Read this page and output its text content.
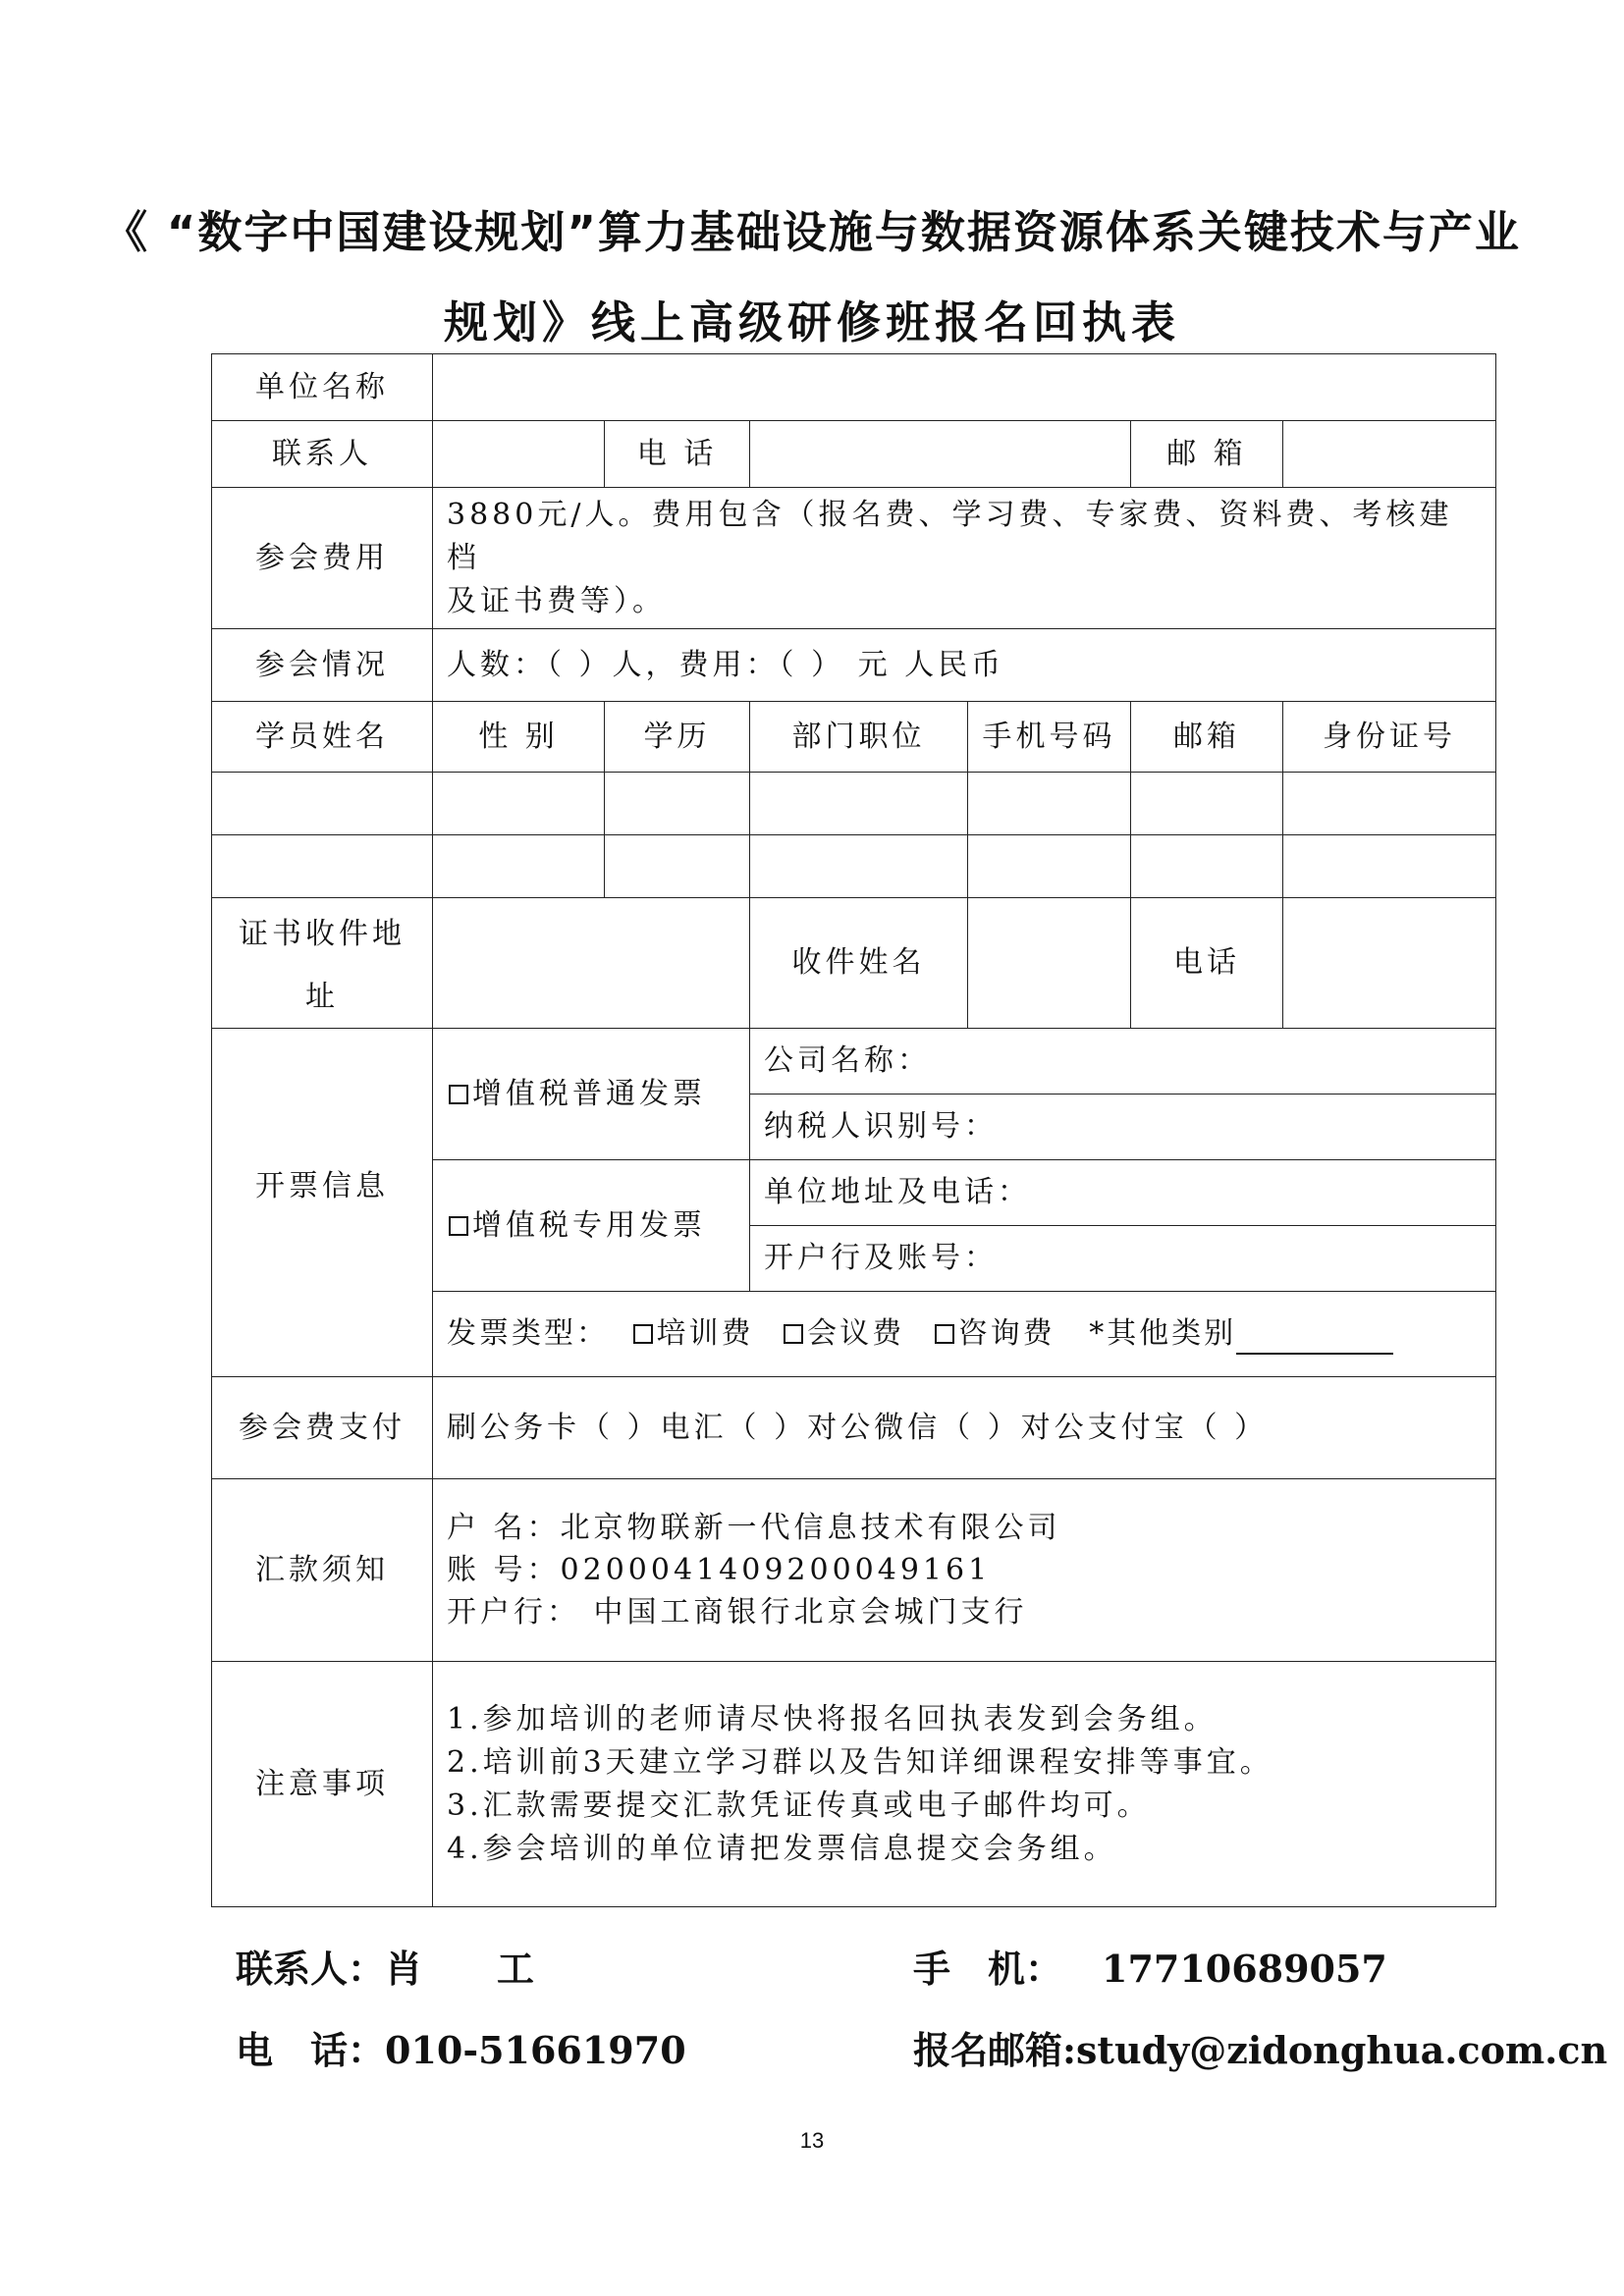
《 “数字中国建设规划”算力基础设施与数据资源体系关键技术与产业
规划》线上高级研修班报名回执表
单位名称						
联系人		电 话			邮 箱	
参会费用	3880元/人。费用包含（报名费、学习费、专家费、资料费、考核建档
及证书费等）。					

参会情况	人数：（ ）人，费用：（ ） 元 人民币					
学员姓名	性 别	学历	部门职位	手机号码	邮箱	身份证号

证书收件地
址			收件姓名		电话	
开票信息	增值税普通发票		公司名称：			
			纳税人识别号：			
	增值税专用发票		单位地址及电话：			
			开户行及账号：			
	发票类型： 培训费 会议费 咨询费 *其他类别					
参会费支付	刷公务卡（ ）电汇（ ）对公微信（ ）对公支付宝（ ）					
汇款须知	户 名：北京物联新一代信息技术有限公司
账 号：0200041409200049161
开户行： 中国工商银行北京会城门支行					

注意事项	1.参加培训的老师请尽快将报名回执表发到会务组。
2.培训前3天建立学习群以及告知详细课程安排等事宜。
3.汇款需要提交汇款凭证传真或电子邮件均可。
4.参会培训的单位请把发票信息提交会务组。					
联系人：肖　　工	手　机： 17710689057
电　话：010-51661970	报名邮箱:study@zidonghua.com.cn
13
